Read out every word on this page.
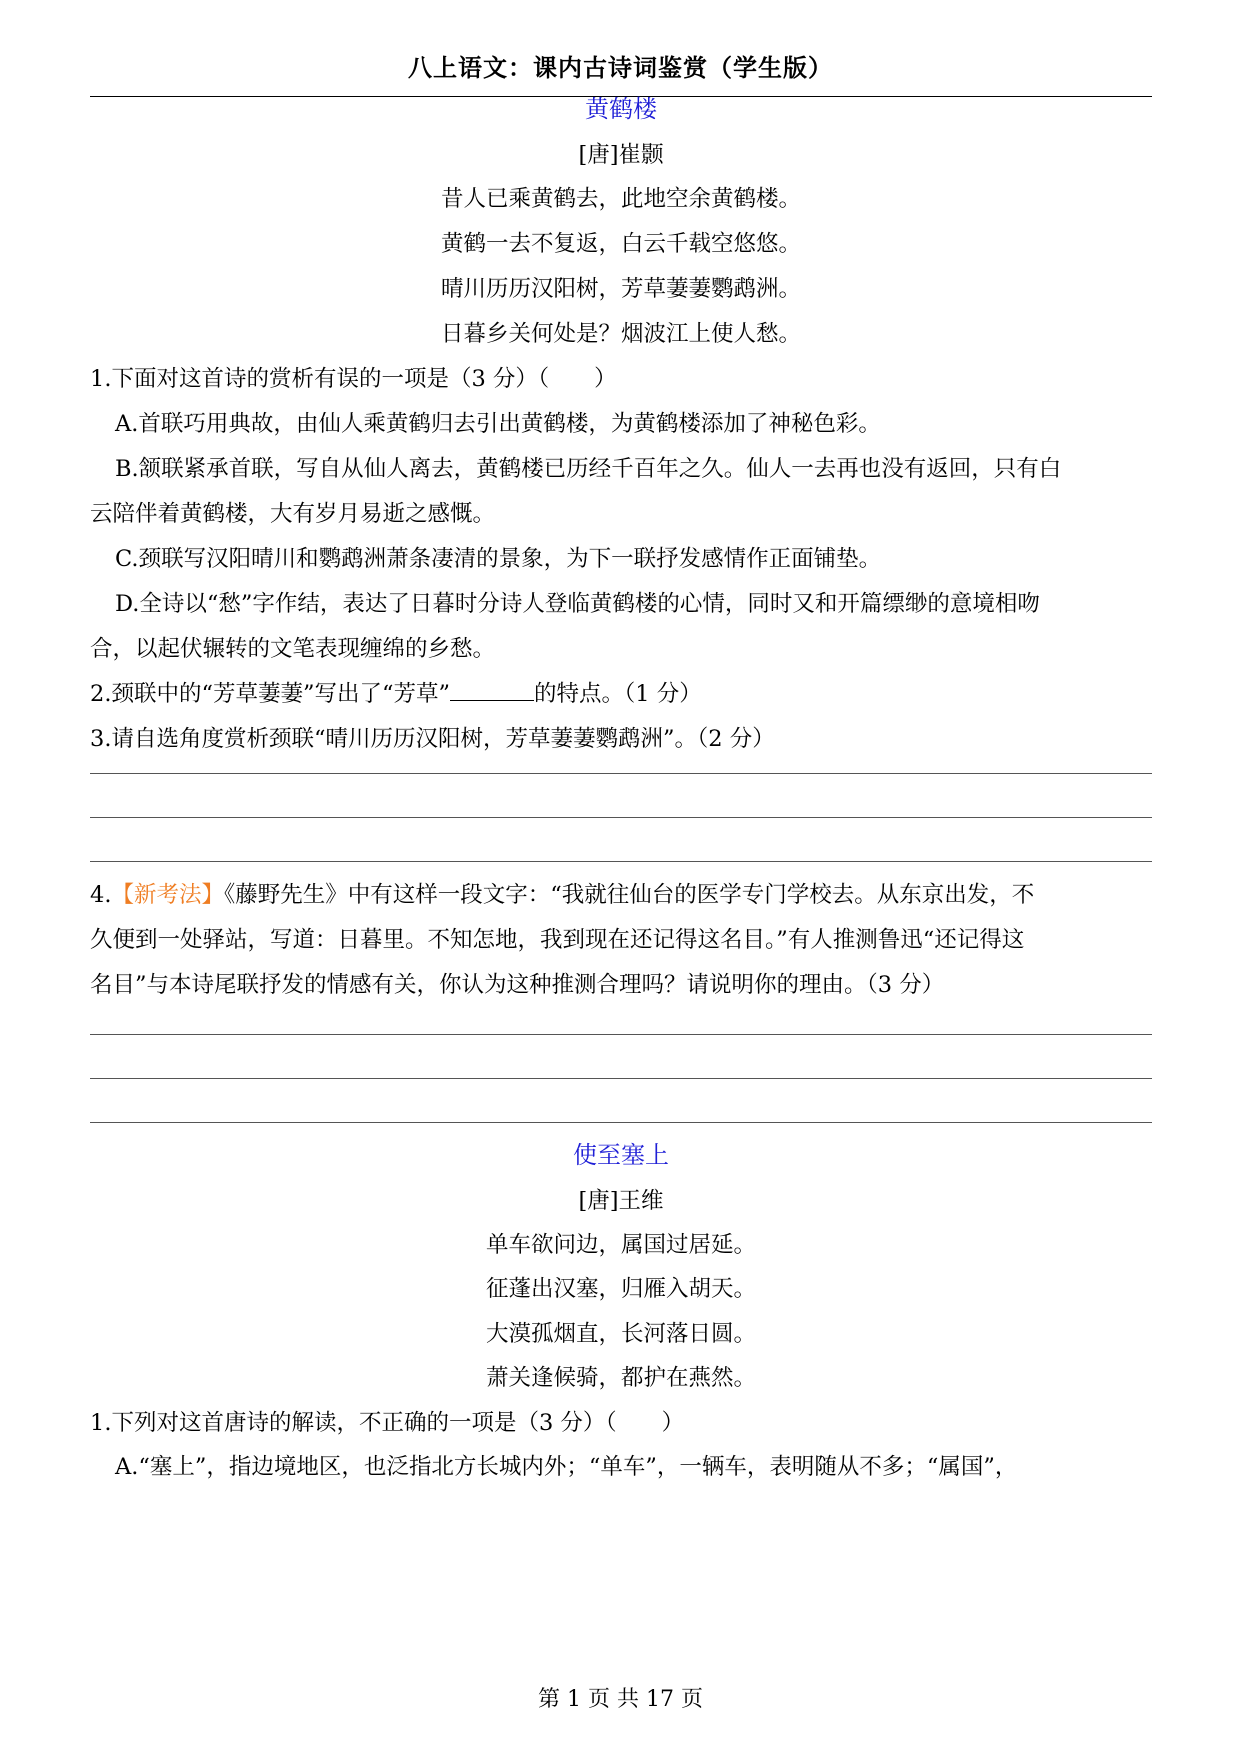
八上语文：课内古诗词鉴赏（学生版）
黄鹤楼
[唐]崔颢
昔人已乘黄鹤去，此地空余黄鹤楼。
黄鹤一去不复返，白云千载空悠悠。
晴川历历汉阳树，芳草萋萋鹦鹉洲。
日暮乡关何处是？烟波江上使人愁。
1.下面对这首诗的赏析有误的一项是（3 分）（　　）
A.首联巧用典故，由仙人乘黄鹤归去引出黄鹤楼，为黄鹤楼添加了神秘色彩。
B.颔联紧承首联，写自从仙人离去，黄鹤楼已历经千百年之久。仙人一去再也没有返回，只有白
云陪伴着黄鹤楼，大有岁月易逝之感慨。
C.颈联写汉阳晴川和鹦鹉洲萧条凄清的景象，为下一联抒发感情作正面铺垫。
D.全诗以“愁”字作结，表达了日暮时分诗人登临黄鹤楼的心情，同时又和开篇缥缈的意境相吻
合，以起伏辗转的文笔表现缠绵的乡愁。
2.颈联中的“芳草萋萋”写出了“芳草”	的特点。（1 分）
3.请自选角度赏析颈联“晴川历历汉阳树，芳草萋萋鹦鹉洲”。（2 分）
4.【新考法】《藤野先生》中有这样一段文字：“我就往仙台的医学专门学校去。从东京出发，不
久便到一处驿站，写道：日暮里。不知怎地，我到现在还记得这名目。”有人推测鲁迅“还记得这
名目”与本诗尾联抒发的情感有关，你认为这种推测合理吗？请说明你的理由。（3 分）
使至塞上
[唐]王维
单车欲问边，属国过居延。
征蓬出汉塞，归雁入胡天。
大漠孤烟直，长河落日圆。
萧关逢候骑，都护在燕然。
1.下列对这首唐诗的解读，不正确的一项是（3 分）（　　）
A.“塞上”，指边境地区，也泛指北方长城内外；“单车”，一辆车，表明随从不多；“属国”，
第 1 页 共 17 页
